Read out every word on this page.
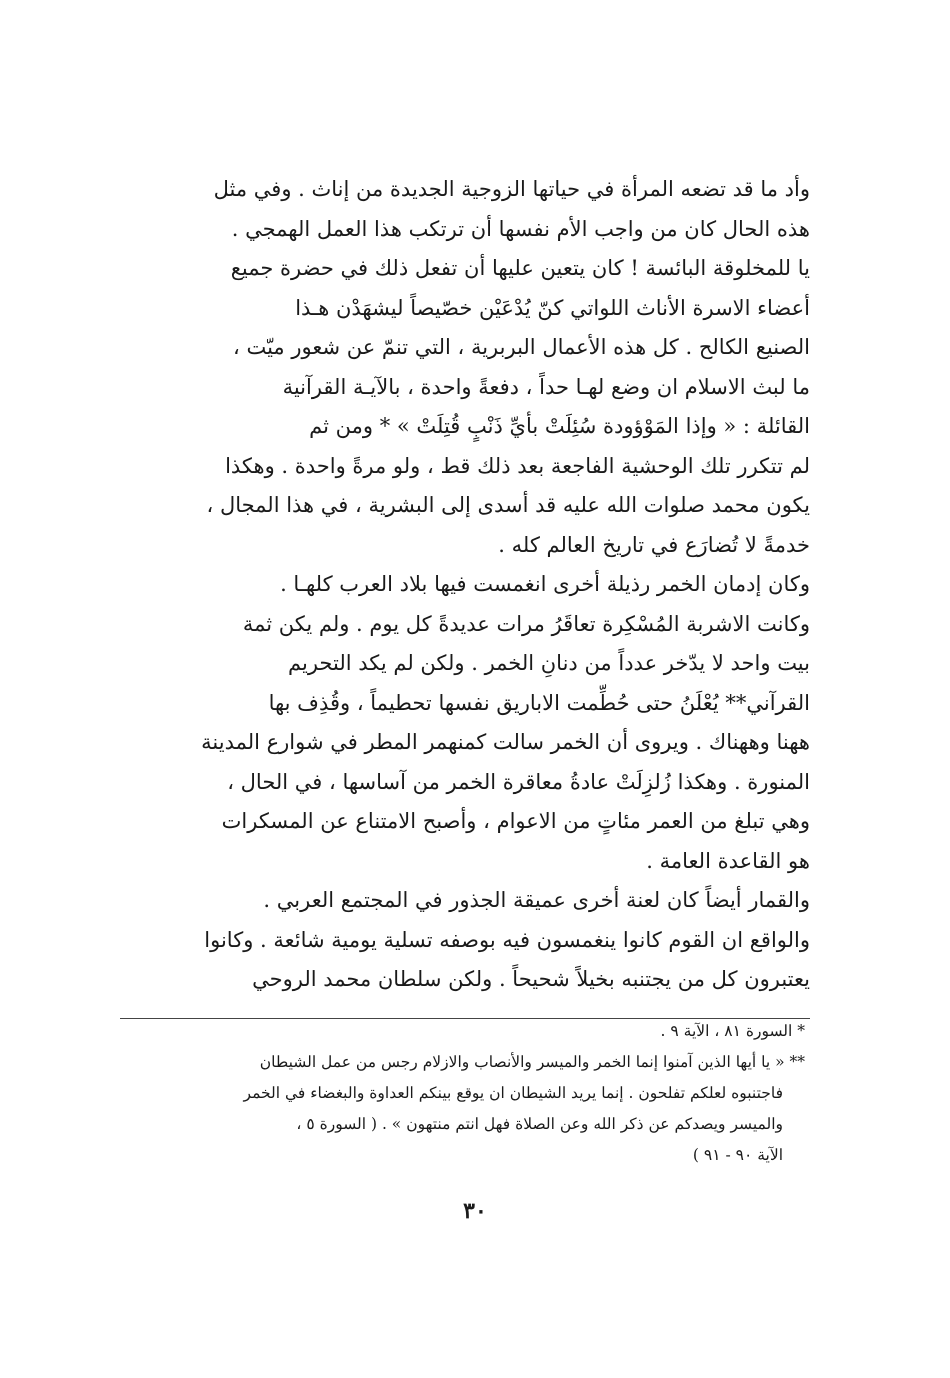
وأد ما قد تضعه المرأة في حياتها الزوجية الجديدة من إناث . وفي مثل
هذه الحال كان من واجب الأم نفسها أن ترتكب هذا العمل الهمجي .
يا للمخلوقة البائسة ! كان يتعين عليها أن تفعل ذلك في حضرة جميع
أعضاء الاسرة الأناث اللواتي كنّ يُدْعَيْن خصّيصاً ليشهَدْن هـذا
الصنيع الكالح . كل هذه الأعمال البربرية ، التي تنمّ عن شعور ميّت ،
ما لبث الاسلام ان وضع لهـا حداً ، دفعةً واحدة ، بالآيـة القرآنية
القائلة : « وإذا المَوْؤودة سُئِلَتْ بأيِّ ذَنْبٍ قُتِلَتْ » * ومن ثم
لم تتكرر تلك الوحشية الفاجعة بعد ذلك قط ، ولو مرةً واحدة . وهكذا
يكون محمد صلوات الله عليه قد أسدى إلى البشرية ، في هذا المجال ،
خدمةً لا تُضارَع في تاريخ العالم كله .
وكان إدمان الخمر رذيلة أخرى انغمست فيها بلاد العرب كلهـا .
وكانت الاشربة المُسْكِرة تعاقَرُ مرات عديدةً كل يوم . ولم يكن ثمة
بيت واحد لا يدّخر عدداً من دنانِ الخمر . ولكن لم يكد التحريم
القرآني** يُعْلَنُ حتى حُطِّمت الاباريق نفسها تحطيماً ، وقُذِف بها
ههنا وههناك . ويروى أن الخمر سالت كمنهمر المطر في شوارع المدينة
المنورة . وهكذا زُلزِلَتْ عادةُ معاقرة الخمر من آساسها ، في الحال ،
وهي تبلغ من العمر مئاتٍ من الاعوام ، وأصبح الامتناع عن المسكرات
هو القاعدة العامة .
والقمار أيضاً كان لعنة أخرى عميقة الجذور في المجتمع العربي .
والواقع ان القوم كانوا ينغمسون فيه بوصفه تسلية يومية شائعة . وكانوا
يعتبرون كل من يجتنبه بخيلاً شحيحاً . ولكن سلطان محمد الروحي
* السورة ٨١ ، الآية ٩ .
** « يا أيها الذين آمنوا إنما الخمر والميسر والأنصاب والازلام رجس من عمل الشيطان
فاجتنبوه لعلكم تفلحون . إنما يريد الشيطان ان يوقع بينكم العداوة والبغضاء في الخمر
والميسر ويصدكم عن ذكر الله وعن الصلاة فهل انتم منتهون » . ( السورة ٥ ،
الآية ٩٠ - ٩١ )
٣٠
